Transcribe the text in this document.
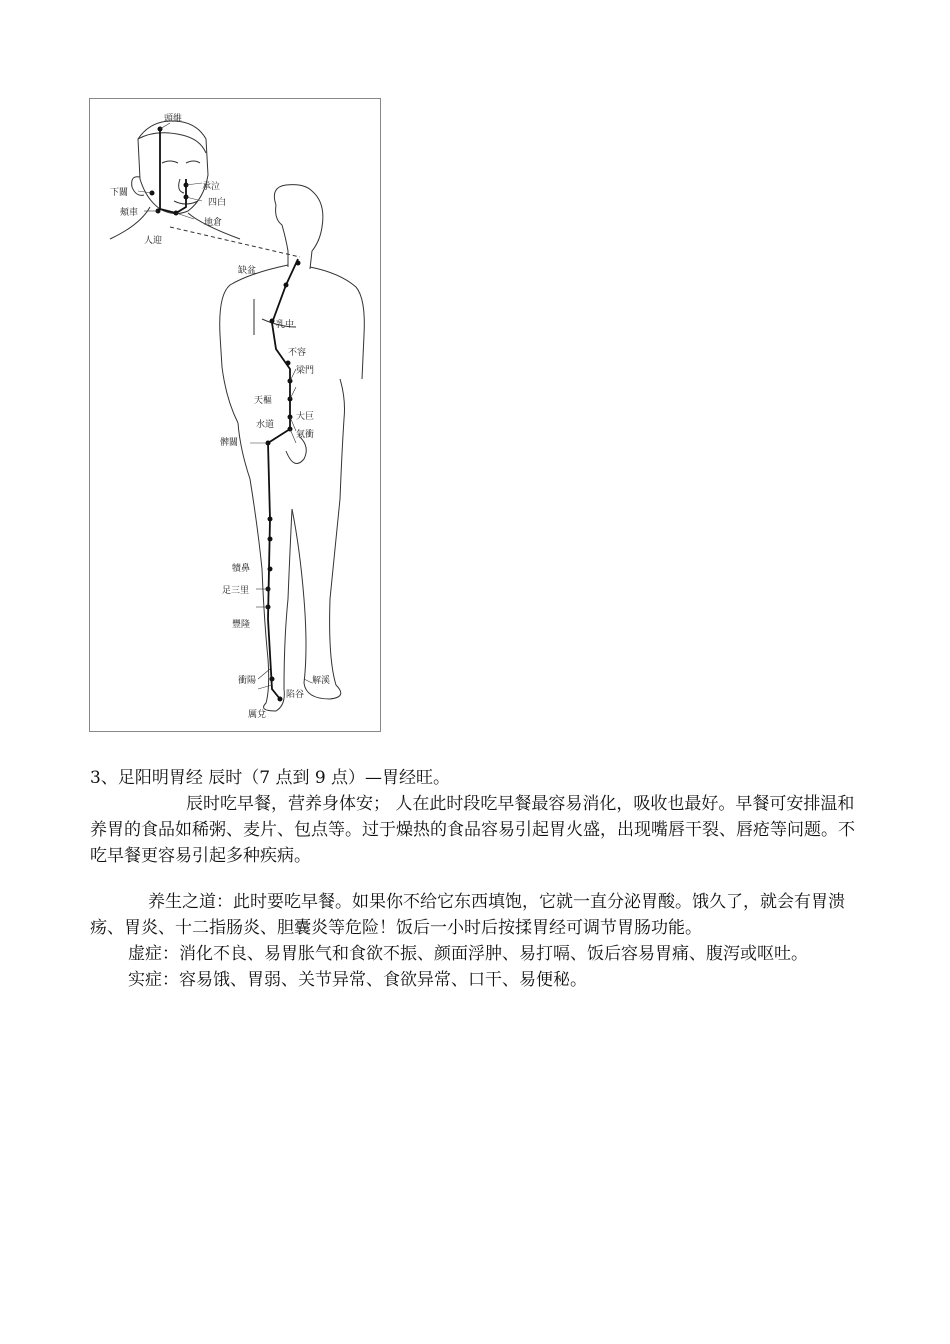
頭維
下關
頰車
承泣
四白
地倉
人迎
缺盆
乳中
不容
梁門
天樞
大巨
水道
氣衝
髀關
犢鼻
足三里
豐隆
衝陽	解溪
陷谷
厲兌

3、足阳明胃经 辰时（7 点到 9 点）—胃经旺。

辰时吃早餐，营养身体安； 人在此时段吃早餐最容易消化，吸收也最好。早餐可安排温和养胃的食品如稀粥、麦片、包点等。过于燥热的食品容易引起胃火盛，出现嘴唇干裂、唇疮等问题。不吃早餐更容易引起多种疾病。

养生之道：此时要吃早餐。如果你不给它东西填饱，它就一直分泌胃酸。饿久了，就会有胃溃疡、胃炎、十二指肠炎、胆囊炎等危险！饭后一小时后按揉胃经可调节胃肠功能。

虚症：消化不良、易胃胀气和食欲不振、颜面浮肿、易打嗝、饭后容易胃痛、腹泻或呕吐。

实症：容易饿、胃弱、关节异常、食欲异常、口干、易便秘。
